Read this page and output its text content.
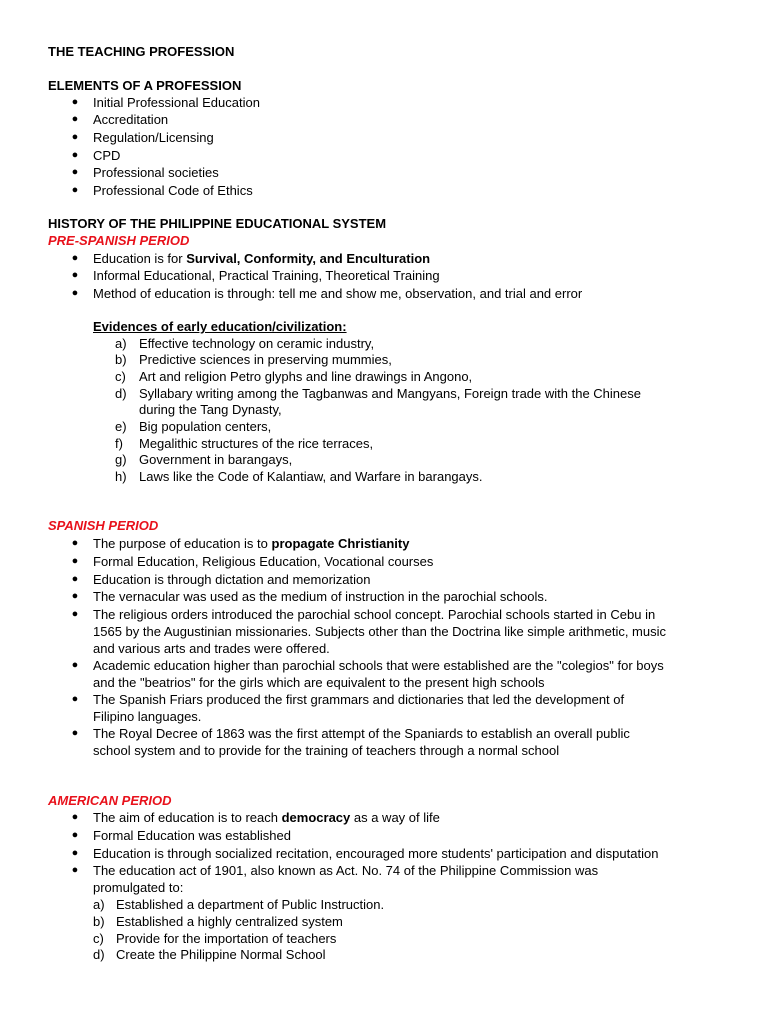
THE TEACHING PROFESSION
ELEMENTS OF A PROFESSION
● Initial Professional Education
● Accreditation
● Regulation/Licensing
● CPD
● Professional societies
● Professional Code of Ethics
HISTORY OF THE PHILIPPINE EDUCATIONAL SYSTEM
PRE-SPANISH PERIOD
● Education is for Survival, Conformity, and Enculturation
● Informal Educational, Practical Training, Theoretical Training
● Method of education is through: tell me and show me, observation, and trial and error
Evidences of early education/civilization:
a) Effective technology on ceramic industry,
b) Predictive sciences in preserving mummies,
c)	Art and religion Petro glyphs and line drawings in Angono,
d) Syllabary writing among the Tagbanwas and Mangyans, Foreign trade with the Chinese
during the Tang Dynasty,
e) Big population centers,
f)	Megalithic structures of the rice terraces,
g) Government in barangays,
h) Laws like the Code of Kalantiaw, and Warfare in barangays.
SPANISH PERIOD
● The purpose of education is to propagate Christianity
● Formal Education, Religious Education, Vocational courses
● Education is through dictation and memorization
● The vernacular was used as the medium of instruction in the parochial schools.
● The religious orders introduced the parochial school concept. Parochial schools started in Cebu in
1565 by the Augustinian missionaries. Subjects other than the Doctrina like simple arithmetic, music
and various arts and trades were offered.
● Academic education higher than parochial schools that were established are the "colegios" for boys
and the "beatrios" for the girls which are equivalent to the present high schools
● The Spanish Friars produced the first grammars and dictionaries that led the development of
Filipino languages.
● The Royal Decree of 1863 was the first attempt of the Spaniards to establish an overall public
school system and to provide for the training of teachers through a normal school
AMERICAN PERIOD
● The aim of education is to reach democracy as a way of life
● Formal Education was established
● Education is through socialized recitation, encouraged more students' participation and disputation
● The education act of 1901, also known as Act. No. 74 of the Philippine Commission was
promulgated to:
a) Established a department of Public Instruction.
b) Established a highly centralized system
c) Provide for the importation of teachers
d) Create the Philippine Normal School
